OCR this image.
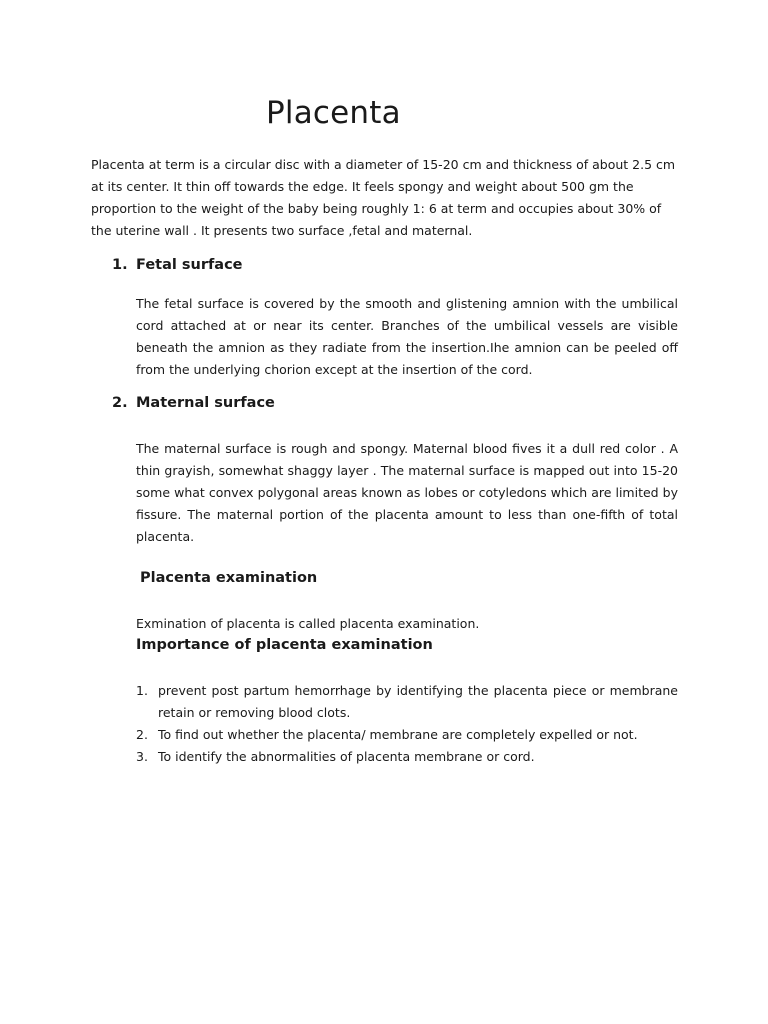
Placenta

Placenta at term is a circular disc with a diameter of 15-20 cm and thickness of about 2.5 cm at its center. It thin off towards the edge. It feels spongy and weight about 500 gm the proportion to the weight of the baby being roughly 1: 6 at term and occupies about 30% of the uterine wall . It presents two surface ,fetal and maternal.

1. Fetal surface

The fetal surface is covered by the smooth and glistening amnion with the umbilical cord attached at or near its center. Branches of the umbilical vessels are visible beneath the amnion as they radiate from the insertion.Ihe amnion can be peeled off from the underlying chorion except at the insertion of the cord.

2. Maternal surface

The maternal surface is rough and spongy. Maternal blood fives it a dull red color . A thin grayish, somewhat shaggy layer . The maternal surface is mapped out into 15-20 some what convex polygonal areas known as lobes or cotyledons which are limited by fissure. The maternal portion of the placenta amount to less than one-fifth of total placenta.

Placenta examination

Exmination of placenta is called placenta examination.

Importance of placenta examination
1. prevent post partum hemorrhage by identifying the placenta piece or membrane retain or removing blood clots.
2. To find out whether the placenta/ membrane are completely expelled or not.
3. To identify the abnormalities of placenta membrane or cord.
